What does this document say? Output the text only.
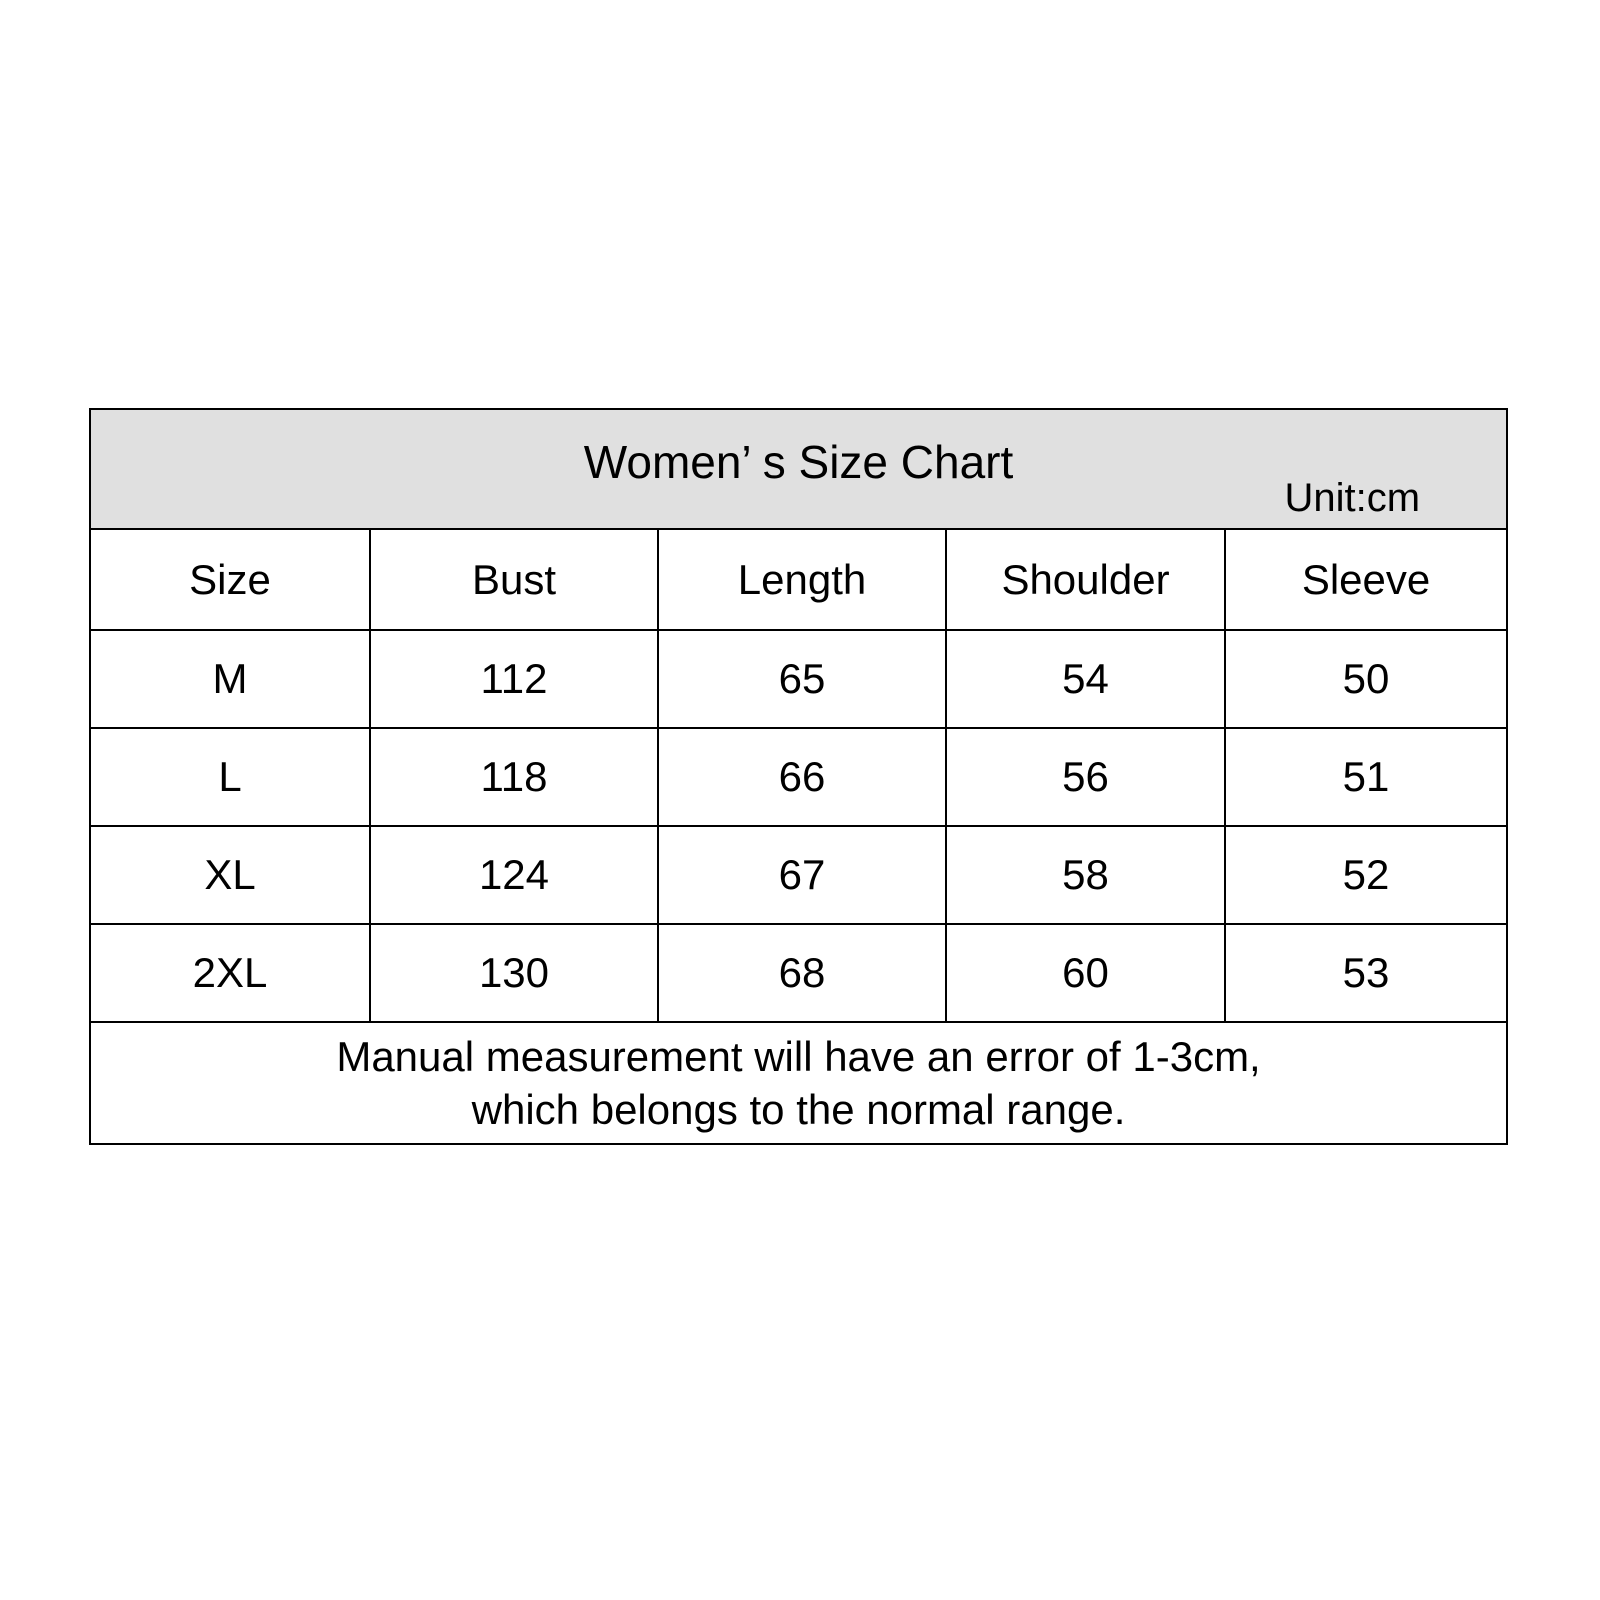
Women’ s Size Chart
Unit:cm				

Size	Bust	Length	Shoulder	Sleeve
M	112	65	54	50
L	118	66	56	51
XL	124	67	58	52
2XL	130	68	60	53

Manual measurement will have an error of 1-3cm,
which belongs to the normal range.				
